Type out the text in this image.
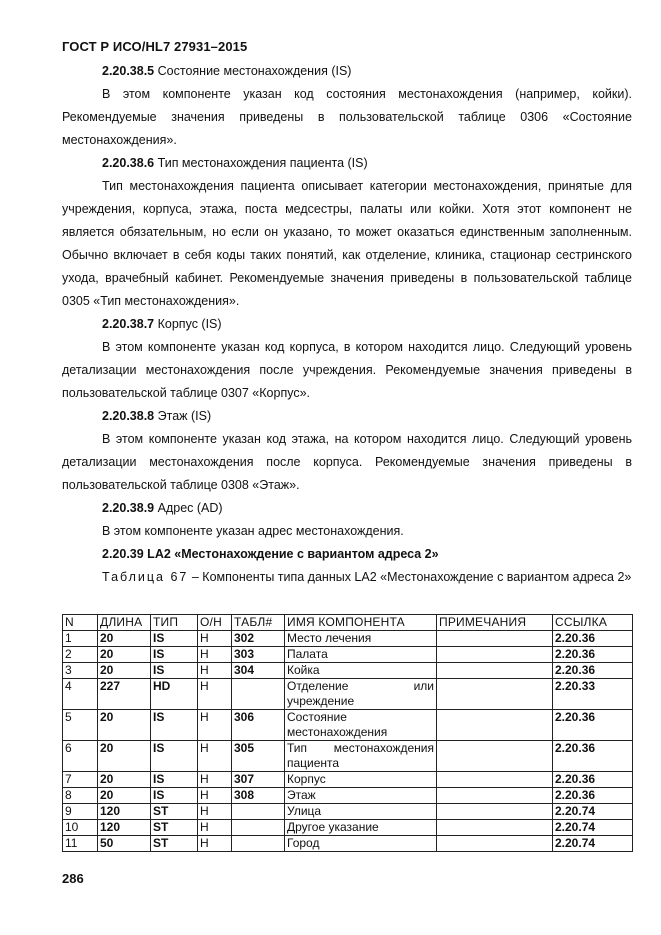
ГОСТ Р ИСО/HL7 27931–2015

2.20.38.5 Состояние местонахождения (IS)

В этом компоненте указан код состояния местонахождения (например, койки). Рекомендуемые значения приведены в пользовательской таблице 0306 «Состояние местонахождения».

2.20.38.6 Тип местонахождения пациента (IS)

Тип местонахождения пациента описывает категории местонахождения, принятые для учреждения, корпуса, этажа, поста медсестры, палаты или койки. Хотя этот компонент не является обязательным, но если он указано, то может оказаться единственным заполненным. Обычно включает в себя коды таких понятий, как отделение, клиника, стационар сестринского ухода, врачебный кабинет. Рекомендуемые значения приведены в пользовательской таблице 0305 «Тип местонахождения».

2.20.38.7 Корпус (IS)

В этом компоненте указан код корпуса, в котором находится лицо. Следующий уровень детализации местонахождения после учреждения. Рекомендуемые значения приведены в пользовательской таблице 0307 «Корпус».

2.20.38.8 Этаж (IS)

В этом компоненте указан код этажа, на котором находится лицо. Следующий уровень детализации местонахождения после корпуса. Рекомендуемые значения приведены в пользовательской таблице 0308 «Этаж».

2.20.38.9 Адрес (AD)

В этом компоненте указан адрес местонахождения.

2.20.39 LA2 «Местонахождение с вариантом адреса 2»

Таблица 67 – Компоненты типа данных LA2 «Местонахождение с вариантом адреса 2»

N	ДЛИНА	ТИП	О/Н	ТАБЛ#	ИМЯ КОМПОНЕНТА	ПРИМЕЧАНИЯ	ССЫЛКА
1	20	IS	Н	302	Место лечения		2.20.36
2	20	IS	Н	303	Палата		2.20.36
3	20	IS	Н	304	Койка		2.20.36
4	227	HD	Н		Отделение или учреждение		2.20.33
5	20	IS	Н	306	Состояние местонахождения		2.20.36
6	20	IS	Н	305	Тип местонахождения пациента		2.20.36
7	20	IS	Н	307	Корпус		2.20.36
8	20	IS	Н	308	Этаж		2.20.36
9	120	ST	Н		Улица		2.20.74
10	120	ST	Н		Другое указание		2.20.74
11	50	ST	Н		Город		2.20.74
286
